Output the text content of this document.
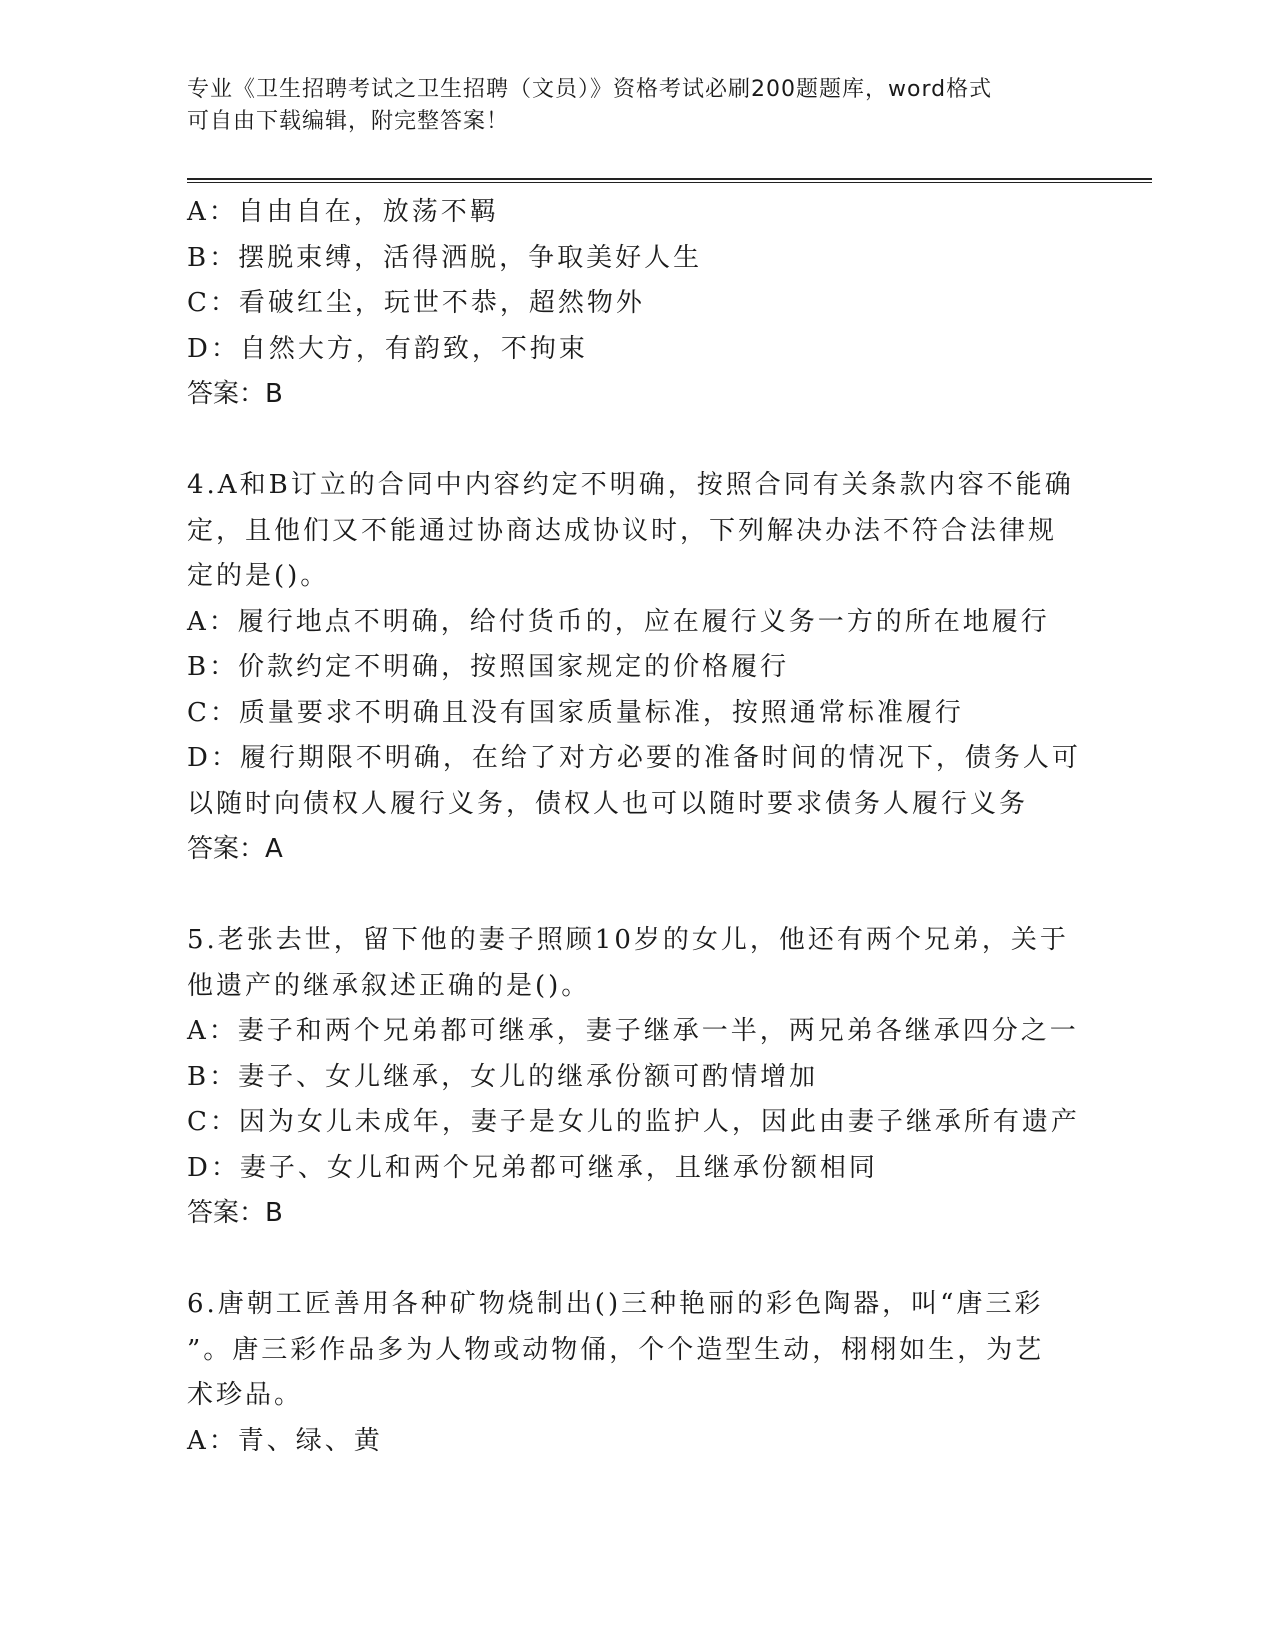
专业《卫生招聘考试之卫生招聘（文员）》资格考试必刷200题题库，word格式
可自由下载编辑，附完整答案！
A：自由自在，放荡不羁
B：摆脱束缚，活得洒脱，争取美好人生
C：看破红尘，玩世不恭，超然物外
D：自然大方，有韵致，不拘束
答案：B
4.A和B订立的合同中内容约定不明确，按照合同有关条款内容不能确
定，且他们又不能通过协商达成协议时，下列解决办法不符合法律规
定的是()。
A：履行地点不明确，给付货币的，应在履行义务一方的所在地履行
B：价款约定不明确，按照国家规定的价格履行
C：质量要求不明确且没有国家质量标准，按照通常标准履行
D：履行期限不明确，在给了对方必要的准备时间的情况下，债务人可
以随时向债权人履行义务，债权人也可以随时要求债务人履行义务
答案：A
5.老张去世，留下他的妻子照顾10岁的女儿，他还有两个兄弟，关于
他遗产的继承叙述正确的是()。
A：妻子和两个兄弟都可继承，妻子继承一半，两兄弟各继承四分之一
B：妻子、女儿继承，女儿的继承份额可酌情增加
C：因为女儿未成年，妻子是女儿的监护人，因此由妻子继承所有遗产
D：妻子、女儿和两个兄弟都可继承，且继承份额相同
答案：B
6.唐朝工匠善用各种矿物烧制出()三种艳丽的彩色陶器，叫“唐三彩
”。唐三彩作品多为人物或动物俑，个个造型生动，栩栩如生，为艺
术珍品。
A：青、绿、黄
